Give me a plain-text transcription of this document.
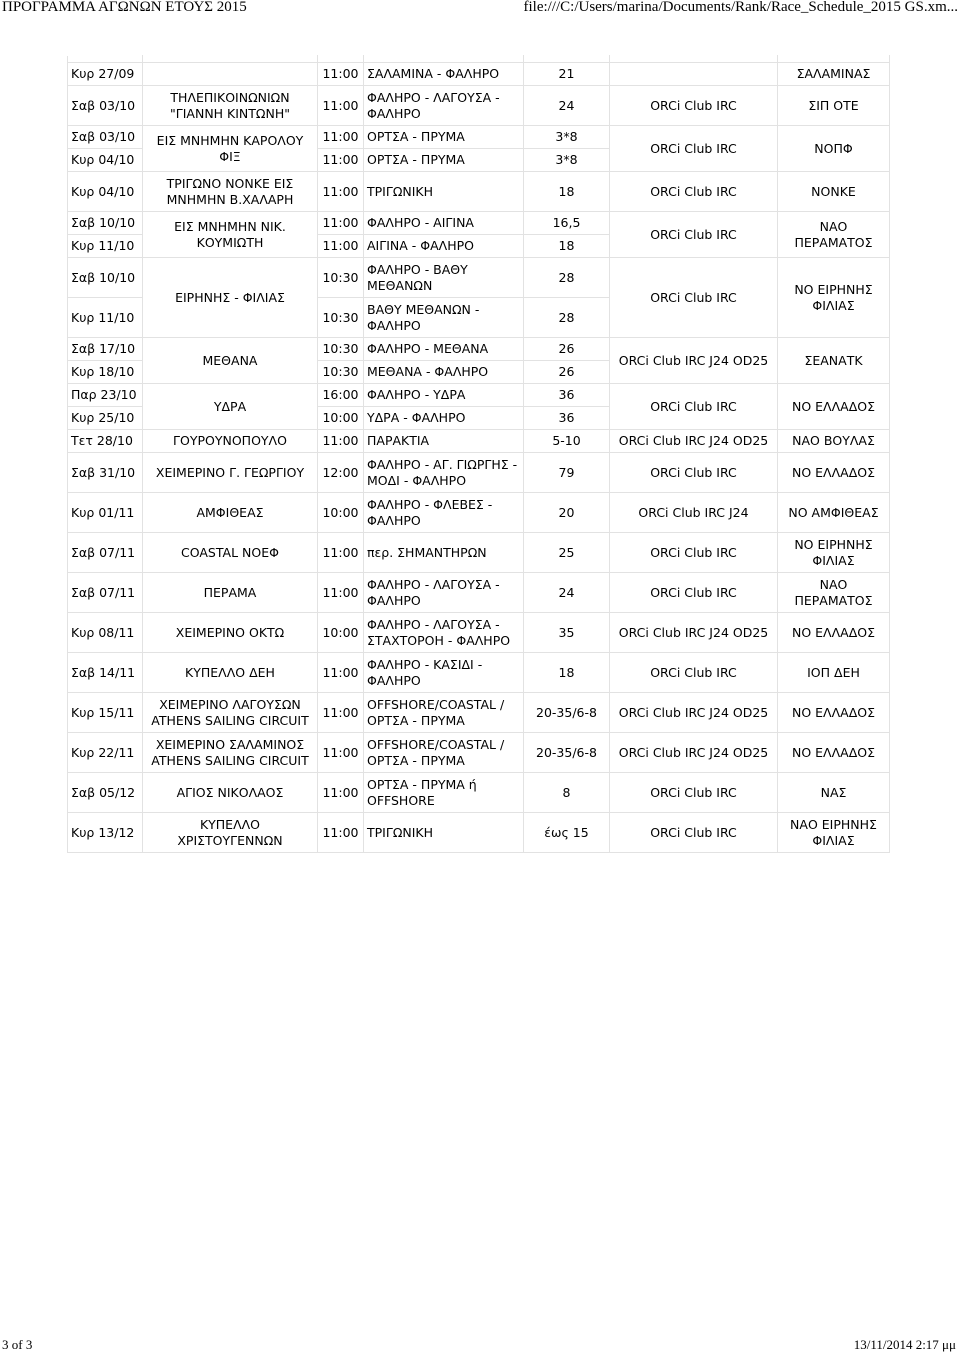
ΠΡΟΓΡΑΜΜΑ ΑΓΩΝΩΝ ΕΤΟΥΣ 2015	file:///C:/Users/marina/Documents/Rank/Race_Schedule_2015 GS.xm...

Κυρ 27/09		11:00	ΣΑΛΑΜΙΝΑ - ΦΑΛΗΡΟ	21		ΣΑΛΑΜΙΝΑΣ
Σαβ 03/10	ΤΗΛΕΠΙΚΟΙΝΩΝΙΩΝ "ΓΙΑΝΝΗ ΚΙΝΤΩΝΗ"	11:00	ΦΑΛΗΡΟ - ΛΑΓΟΥΣΑ - ΦΑΛΗΡΟ	24	ORCi Club IRC	ΣΙΠ ΟΤΕ
Σαβ 03/10	ΕΙΣ ΜΝΗΜΗΝ ΚΑΡΟΛΟΥ ΦΙΞ	11:00	ΟΡΤΣΑ - ΠΡΥΜΑ	3*8	ORCi Club IRC	ΝΟΠΦ
Κυρ 04/10		11:00	ΟΡΤΣΑ - ΠΡΥΜΑ	3*8		
Κυρ 04/10	ΤΡΙΓΩΝΟ ΝΟΝΚΕ ΕΙΣ ΜΝΗΜΗΝ Β.ΧΑΛΑΡΗ	11:00	ΤΡΙΓΩΝΙΚΗ	18	ORCi Club IRC	ΝΟΝΚΕ
Σαβ 10/10	ΕΙΣ ΜΝΗΜΗΝ ΝΙΚ. ΚΟΥΜΙΩΤΗ	11:00	ΦΑΛΗΡΟ - ΑΙΓΙΝΑ	16,5	ORCi Club IRC	ΝΑΟ ΠΕΡΑΜΑΤΟΣ
Κυρ 11/10		11:00	ΑΙΓΙΝΑ - ΦΑΛΗΡΟ	18		
Σαβ 10/10	ΕΙΡΗΝΗΣ - ΦΙΛΙΑΣ	10:30	ΦΑΛΗΡΟ - ΒΑΘΥ ΜΕΘΑΝΩΝ	28	ORCi Club IRC	ΝΟ ΕΙΡΗΝΗΣ ΦΙΛΙΑΣ
Κυρ 11/10		10:30	ΒΑΘΥ ΜΕΘΑΝΩΝ - ΦΑΛΗΡΟ	28		
Σαβ 17/10	ΜΕΘΑΝΑ	10:30	ΦΑΛΗΡΟ - ΜΕΘΑΝΑ	26	ORCi Club IRC J24 OD25	ΣΕΑΝΑΤΚ
Κυρ 18/10		10:30	ΜΕΘΑΝΑ - ΦΑΛΗΡΟ	26		
Παρ 23/10	ΥΔΡΑ	16:00	ΦΑΛΗΡΟ - ΥΔΡΑ	36	ORCi Club IRC	ΝΟ ΕΛΛΑΔΟΣ
Κυρ 25/10		10:00	ΥΔΡΑ - ΦΑΛΗΡΟ	36		
Τετ 28/10	ΓΟΥΡΟΥΝΟΠΟΥΛΟ	11:00	ΠΑΡΑΚΤΙΑ	5-10	ORCi Club IRC J24 OD25	ΝΑΟ ΒΟΥΛΑΣ
Σαβ 31/10	ΧΕΙΜΕΡΙΝΟ Γ. ΓΕΩΡΓΙΟΥ	12:00	ΦΑΛΗΡΟ - ΑΓ. ΓΙΩΡΓΗΣ - ΜΟΔΙ - ΦΑΛΗΡΟ	79	ORCi Club IRC	ΝΟ ΕΛΛΑΔΟΣ
Κυρ 01/11	ΑΜΦΙΘΕΑΣ	10:00	ΦΑΛΗΡΟ - ΦΛΕΒΕΣ - ΦΑΛΗΡΟ	20	ORCi Club IRC J24	ΝΟ ΑΜΦΙΘΕΑΣ
Σαβ 07/11	COASTAL ΝΟΕΦ	11:00	περ. ΣΗΜΑΝΤΗΡΩΝ	25	ORCi Club IRC	ΝΟ ΕΙΡΗΝΗΣ ΦΙΛΙΑΣ
Σαβ 07/11	ΠΕΡΑΜΑ	11:00	ΦΑΛΗΡΟ - ΛΑΓΟΥΣΑ - ΦΑΛΗΡΟ	24	ORCi Club IRC	ΝΑΟ ΠΕΡΑΜΑΤΟΣ
Κυρ 08/11	ΧΕΙΜΕΡΙΝΟ ΟΚΤΩ	10:00	ΦΑΛΗΡΟ - ΛΑΓΟΥΣΑ - ΣΤΑΧΤΟΡΟΗ - ΦΑΛΗΡΟ	35	ORCi Club IRC J24 OD25	ΝΟ ΕΛΛΑΔΟΣ
Σαβ 14/11	ΚΥΠΕΛΛΟ ΔΕΗ	11:00	ΦΑΛΗΡΟ - ΚΑΣΙΔΙ - ΦΑΛΗΡΟ	18	ORCi Club IRC	ΙΟΠ ΔΕΗ
Κυρ 15/11	ΧΕΙΜΕΡΙΝΟ ΛΑΓΟΥΣΩΝ ATHENS SAILING CIRCUIT	11:00	OFFSHORE/COASTAL /ΟΡΤΣΑ - ΠΡΥΜΑ	20-35/6-8	ORCi Club IRC J24 OD25	ΝΟ ΕΛΛΑΔΟΣ
Κυρ 22/11	ΧΕΙΜΕΡΙΝΟ ΣΑΛΑΜΙΝΟΣ ATHENS SAILING CIRCUIT	11:00	OFFSHORE/COASTAL /ΟΡΤΣΑ - ΠΡΥΜΑ	20-35/6-8	ORCi Club IRC J24 OD25	ΝΟ ΕΛΛΑΔΟΣ
Σαβ 05/12	ΑΓΙΟΣ ΝΙΚΟΛΑΟΣ	11:00	ΟΡΤΣΑ - ΠΡΥΜΑ ή OFFSHORE	8	ORCi Club IRC	ΝΑΣ
Κυρ 13/12	ΚΥΠΕΛΛΟ ΧΡΙΣΤΟΥΓΕΝΝΩΝ	11:00	ΤΡΙΓΩΝΙΚΗ	έως 15	ORCi Club IRC	ΝΑΟ ΕΙΡΗΝΗΣ ΦΙΛΙΑΣ
3 of 3	13/11/2014 2:17 μμ
